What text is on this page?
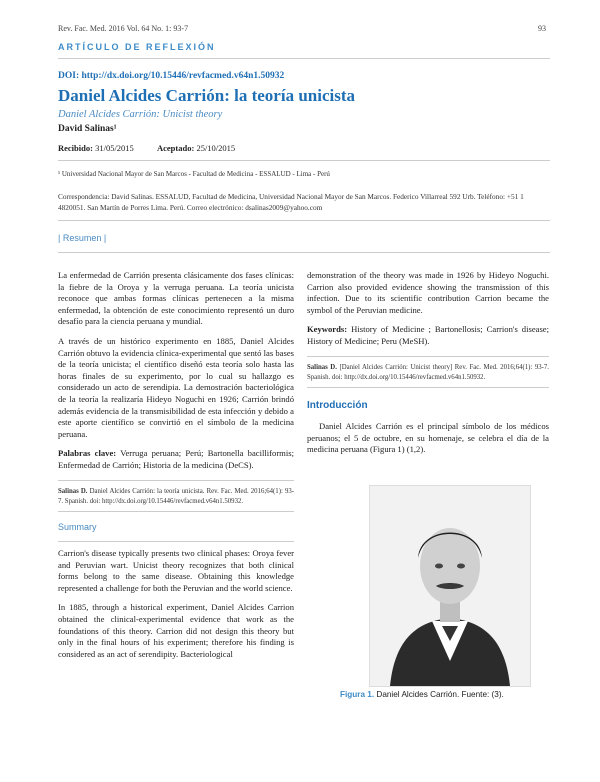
Rev. Fac. Med. 2016 Vol. 64 No. 1: 93-7	93
ARTÍCULO DE REFLEXIÓN
DOI: http://dx.doi.org/10.15446/revfacmed.v64n1.50932
Daniel Alcides Carrión: la teoría unicista
Daniel Alcides Carrión: Unicist theory
David Salinas¹
Recibido: 31/05/2015	Aceptado: 25/10/2015
¹ Universidad Nacional Mayor de San Marcos - Facultad de Medicina - ESSALUD - Lima - Perú
Correspondencia: David Salinas. ESSALUD, Facultad de Medicina, Universidad Nacional Mayor de San Marcos. Federico Villarreal 592 Urb. Teléfono: +51 1 4820051. San Martín de Porres Lima. Perú. Correo electrónico: dsalinas2009@yahoo.com
| Resumen |

La enfermedad de Carrión presenta clásicamente dos fases clínicas: la fiebre de la Oroya y la verruga peruana. La teoría unicista reconoce que ambas formas clínicas pertenecen a la misma enfermedad, la obtención de este conocimiento representó un duro desafío para la ciencia peruana y mundial.

A través de un histórico experimento en 1885, Daniel Alcides Carrión obtuvo la evidencia clínica-experimental que sentó las bases de la teoría unicista; el científico diseñó esta teoría solo hasta las horas finales de su experimento, por lo cual su hallazgo es considerado un acto de serendipia. La demostración bacteriológica de la teoría la realizaría Hideyo Noguchi en 1926; Carrión brindó además evidencia de la transmisibilidad de esta infección y debido a este aporte científico se convirtió en el símbolo de la medicina peruana.

Palabras clave: Verruga peruana; Perú; Bartonella bacilliformis; Enfermedad de Carrión; Historia de la medicina (DeCS).

Salinas D. Daniel Alcides Carrión: la teoría unicista. Rev. Fac. Med. 2016;64(1): 93-7. Spanish. doi: http://dx.doi.org/10.15446/revfacmed.v64n1.50932.
Summary

Carrion's disease typically presents two clinical phases: Oroya fever and Peruvian wart. Unicist theory recognizes that both clinical forms belong to the same disease. Obtaining this knowledge represented a challenge for both the Peruvian and the world science.

In 1885, through a historical experiment, Daniel Alcides Carrion obtained the clinical-experimental evidence that work as the foundations of this theory. Carrion did not design this theory but only in the final hours of his experiment; therefore his finding is considered as an act of serendipity. Bacteriological

demonstration of the theory was made in 1926 by Hideyo Noguchi. Carrion also provided evidence showing the transmission of this infection. Due to its scientific contribution Carrion became the symbol of the Peruvian medicine.

Keywords: History of Medicine ; Bartonellosis; Carrion's disease; History of Medicine; Peru (MeSH).

Salinas D. [Daniel Alcides Carrión: Unicist theory] Rev. Fac. Med. 2016;64(1): 93-7. Spanish. doi: http://dx.doi.org/10.15446/revfacmed.v64n1.50932.
Introducción

Daniel Alcides Carrión es el principal símbolo de los médicos peruanos; el 5 de octubre, en su homenaje, se celebra el día de la medicina peruana (Figura 1) (1,2).

Figura 1. Daniel Alcides Carrión. Fuente: (3).
